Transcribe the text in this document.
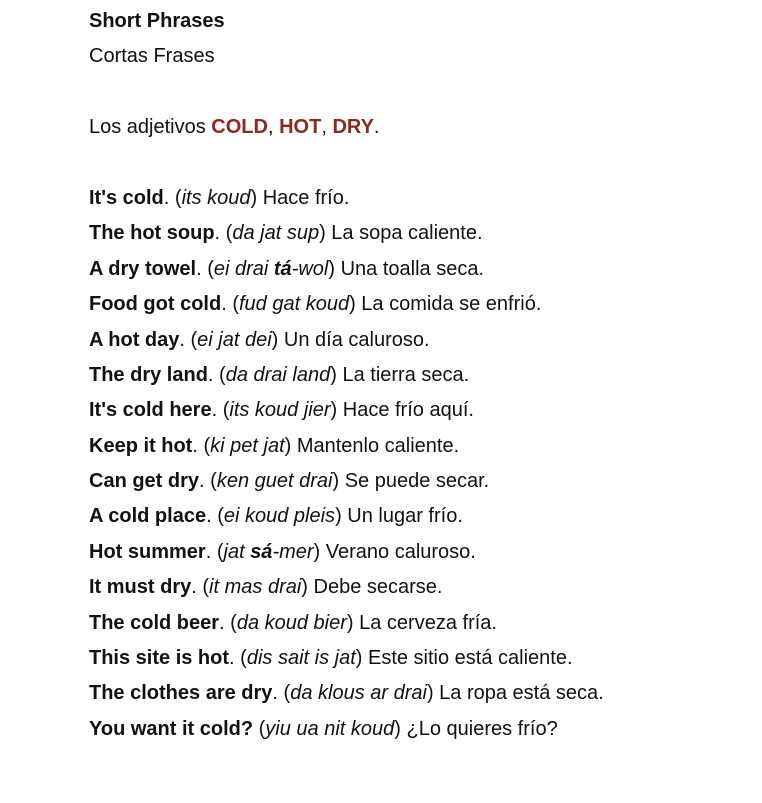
Short Phrases
Cortas Frases
Los adjetivos COLD, HOT, DRY.
It's cold. (its koud) Hace frío.
The hot soup. (da jat sup) La sopa caliente.
A dry towel. (ei drai tá-wol) Una toalla seca.
Food got cold. (fud gat koud) La comida se enfrió.
A hot day. (ei jat dei) Un día caluroso.
The dry land. (da drai land) La tierra seca.
It's cold here. (its koud jier) Hace frío aquí.
Keep it hot. (ki pet jat) Mantenlo caliente.
Can get dry. (ken guet drai) Se puede secar.
A cold place. (ei koud pleis) Un lugar frío.
Hot summer. (jat sá-mer) Verano caluroso.
It must dry. (it mas drai) Debe secarse.
The cold beer. (da koud bier) La cerveza fría.
This site is hot. (dis sait is jat) Este sitio está caliente.
The clothes are dry. (da klous ar drai) La ropa está seca.
You want it cold? (yiu ua nit koud) ¿Lo quieres frío?
